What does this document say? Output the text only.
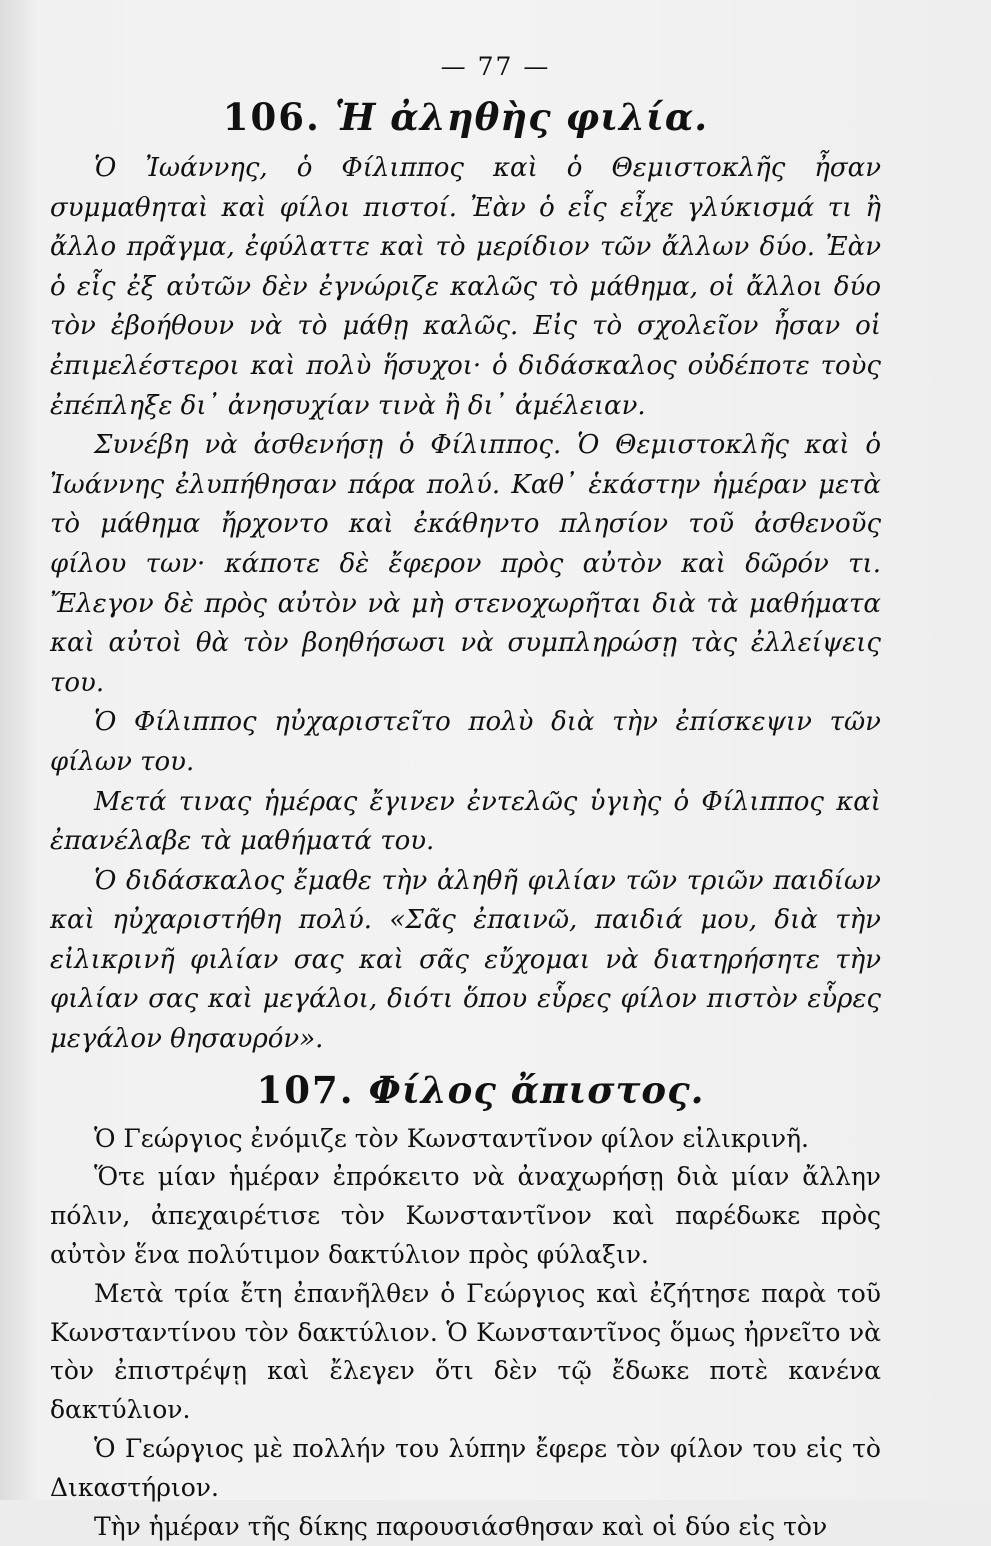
— 77 —
106. Ἡ ἀληθὴς φιλία.

Ὁ Ἰωάννης, ὁ Φίλιππος καὶ ὁ Θεμιστοκλῆς ἦσαν συμμαθηταὶ καὶ φίλοι πιστοί. Ἐὰν ὁ εἷς εἶχε γλύκισμά τι ἢ ἄλλο πρᾶγμα, ἐφύλαττε καὶ τὸ μερίδιον τῶν ἄλλων δύο. Ἐὰν ὁ εἷς ἐξ αὐτῶν δὲν ἐγνώριζε καλῶς τὸ μάθημα, οἱ ἄλλοι δύο τὸν ἐβοήθουν νὰ τὸ μάθῃ καλῶς. Εἰς τὸ σχολεῖον ἦσαν οἱ ἐπιμελέστεροι καὶ πολὺ ἥσυχοι· ὁ διδάσκαλος οὐδέποτε τοὺς ἐπέπληξε δι᾽ ἀνησυχίαν τινὰ ἢ δι᾽ ἀμέλειαν.

Συνέβη νὰ ἀσθενήσῃ ὁ Φίλιππος. Ὁ Θεμιστοκλῆς καὶ ὁ Ἰωάννης ἐλυπήθησαν πάρα πολύ. Καθ᾽ ἑκάστην ἡμέραν μετὰ τὸ μάθημα ἤρχοντο καὶ ἐκάθηντο πλησίον τοῦ ἀσθενοῦς φίλου των· κάποτε δὲ ἔφερον πρὸς αὐτὸν καὶ δῶρόν τι. Ἔλεγον δὲ πρὸς αὐτὸν νὰ μὴ στενοχωρῆται διὰ τὰ μαθήματα καὶ αὐτοὶ θὰ τὸν βοηθήσωσι νὰ συμπληρώσῃ τὰς ἐλλείψεις του.

Ὁ Φίλιππος ηὐχαριστεῖτο πολὺ διὰ τὴν ἐπίσκεψιν τῶν φίλων του.

Μετά τινας ἡμέρας ἔγινεν ἐντελῶς ὑγιὴς ὁ Φίλιππος καὶ ἐπανέλαβε τὰ μαθήματά του.

Ὁ διδάσκαλος ἔμαθε τὴν ἀληθῆ φιλίαν τῶν τριῶν παιδίων καὶ ηὐχαριστήθη πολύ. «Σᾶς ἐπαινῶ, παιδιά μου, διὰ τὴν εἰλικρινῆ φιλίαν σας καὶ σᾶς εὔχομαι νὰ διατηρήσητε τὴν φιλίαν σας καὶ μεγάλοι, διότι ὅπου εὗρες φίλον πιστὸν εὗρες μεγάλον θησαυρόν».

107. Φίλος ἄπιστος.

Ὁ Γεώργιος ἐνόμιζε τὸν Κωνσταντῖνον φίλον εἰλικρινῆ.

Ὅτε μίαν ἡμέραν ἐπρόκειτο νὰ ἀναχωρήσῃ διὰ μίαν ἄλλην πόλιν, ἀπεχαιρέτισε τὸν Κωνσταντῖνον καὶ παρέδωκε πρὸς αὐτὸν ἕνα πολύτιμον δακτύλιον πρὸς φύλαξιν.

Μετὰ τρία ἔτη ἐπανῆλθεν ὁ Γεώργιος καὶ ἐζήτησε παρὰ τοῦ Κωνσταντίνου τὸν δακτύλιον. Ὁ Κωνσταντῖνος ὅμως ἠρνεῖτο νὰ τὸν ἐπιστρέψῃ καὶ ἔλεγεν ὅτι δὲν τῷ ἔδωκε ποτὲ κανένα δακτύλιον.

Ὁ Γεώργιος μὲ πολλήν του λύπην ἔφερε τὸν φίλον του εἰς τὸ Δικαστήριον.

Τὴν ἡμέραν τῆς δίκης παρουσιάσθησαν καὶ οἱ δύο εἰς τὸν
